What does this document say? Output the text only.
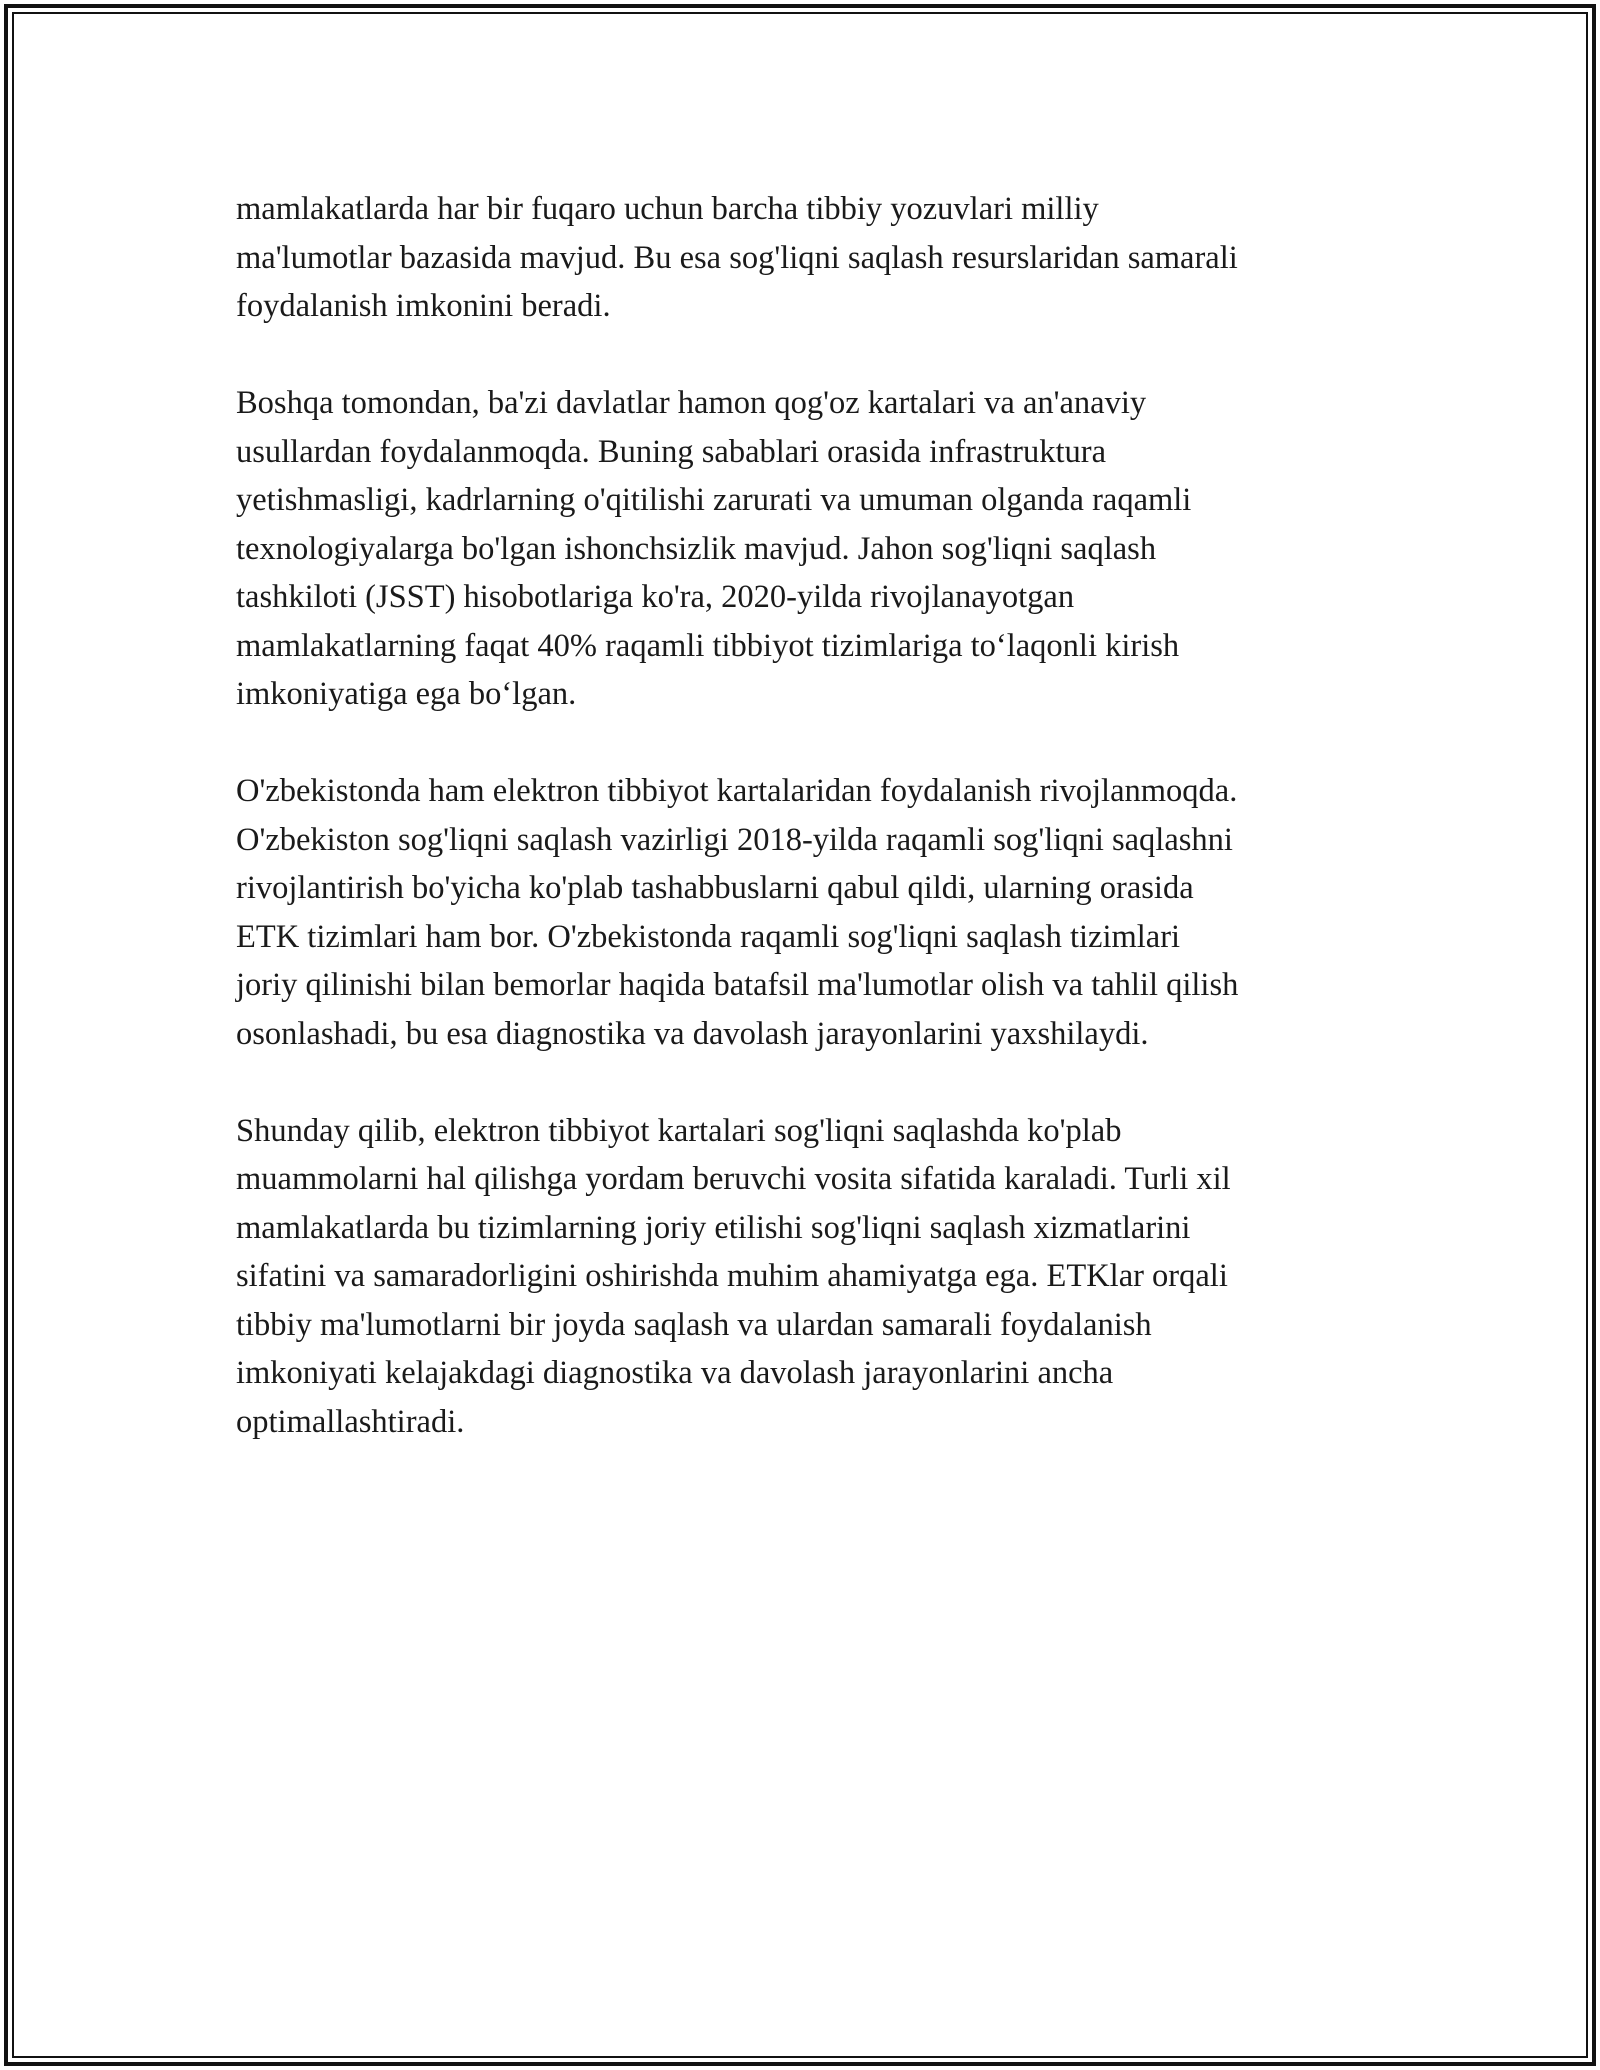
mamlakatlarda har bir fuqaro uchun barcha tibbiy yozuvlari milliy
ma'lumotlar bazasida mavjud. Bu esa sog'liqni saqlash resurslaridan samarali
foydalanish imkonini beradi.

Boshqa tomondan, ba'zi davlatlar hamon qog'oz kartalari va an'anaviy
usullardan foydalanmoqda. Buning sabablari orasida infrastruktura
yetishmasligi, kadrlarning o'qitilishi zarurati va umuman olganda raqamli
texnologiyalarga bo'lgan ishonchsizlik mavjud. Jahon sog'liqni saqlash
tashkiloti (JSST) hisobotlariga ko'ra, 2020-yilda rivojlanayotgan
mamlakatlarning faqat 40% raqamli tibbiyot tizimlariga to‘laqonli kirish
imkoniyatiga ega bo‘lgan.

O'zbekistonda ham elektron tibbiyot kartalaridan foydalanish rivojlanmoqda.
O'zbekiston sog'liqni saqlash vazirligi 2018-yilda raqamli sog'liqni saqlashni
rivojlantirish bo'yicha ko'plab tashabbuslarni qabul qildi, ularning orasida
ETK tizimlari ham bor. O'zbekistonda raqamli sog'liqni saqlash tizimlari
joriy qilinishi bilan bemorlar haqida batafsil ma'lumotlar olish va tahlil qilish
osonlashadi, bu esa diagnostika va davolash jarayonlarini yaxshilaydi.

Shunday qilib, elektron tibbiyot kartalari sog'liqni saqlashda ko'plab
muammolarni hal qilishga yordam beruvchi vosita sifatida karaladi. Turli xil
mamlakatlarda bu tizimlarning joriy etilishi sog'liqni saqlash xizmatlarini
sifatini va samaradorligini oshirishda muhim ahamiyatga ega. ETKlar orqali
tibbiy ma'lumotlarni bir joyda saqlash va ulardan samarali foydalanish
imkoniyati kelajakdagi diagnostika va davolash jarayonlarini ancha
optimallashtiradi.
